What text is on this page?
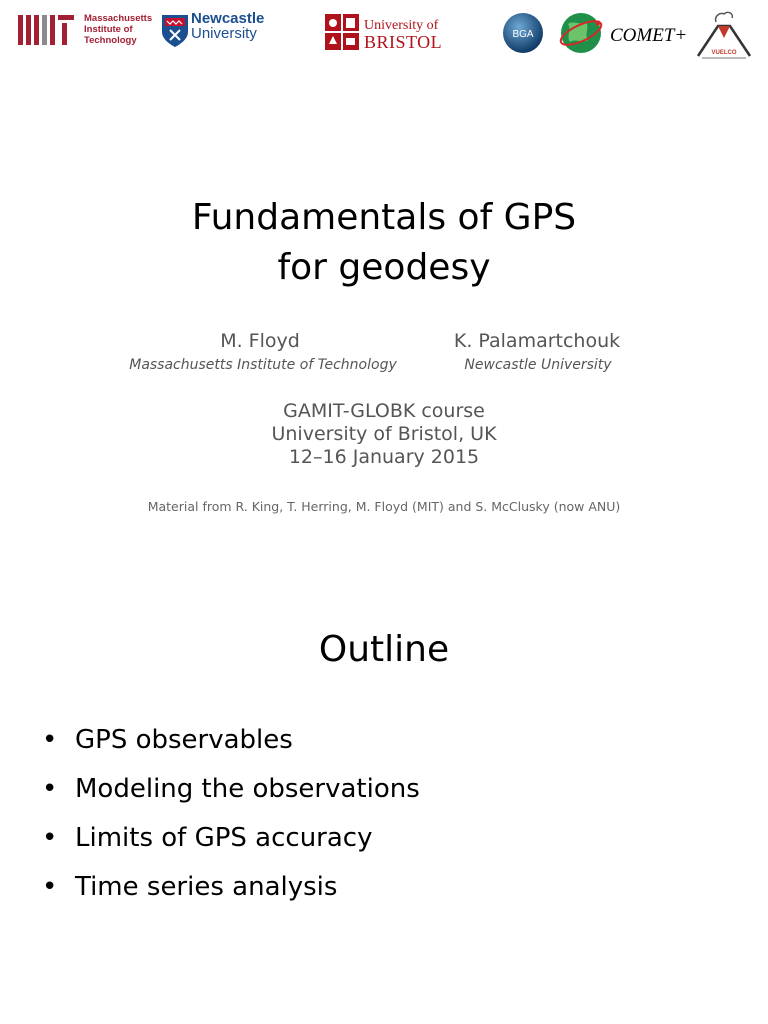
Massachusetts
Institute of
Technology
Newcastle
University	University of
BRISTOL	BGA	COMET+
VUELCO
Fundamentals of GPS
for geodesy
M. Floyd
Massachusetts Institute of Technology
K. Palamartchouk
Newcastle University
GAMIT-GLOBK course
University of Bristol, UK
12–16 January 2015
Material from R. King, T. Herring, M. Floyd (MIT) and S. McClusky (now ANU)
Outline
• GPS observables
• Modeling the observations
• Limits of GPS accuracy
• Time series analysis
